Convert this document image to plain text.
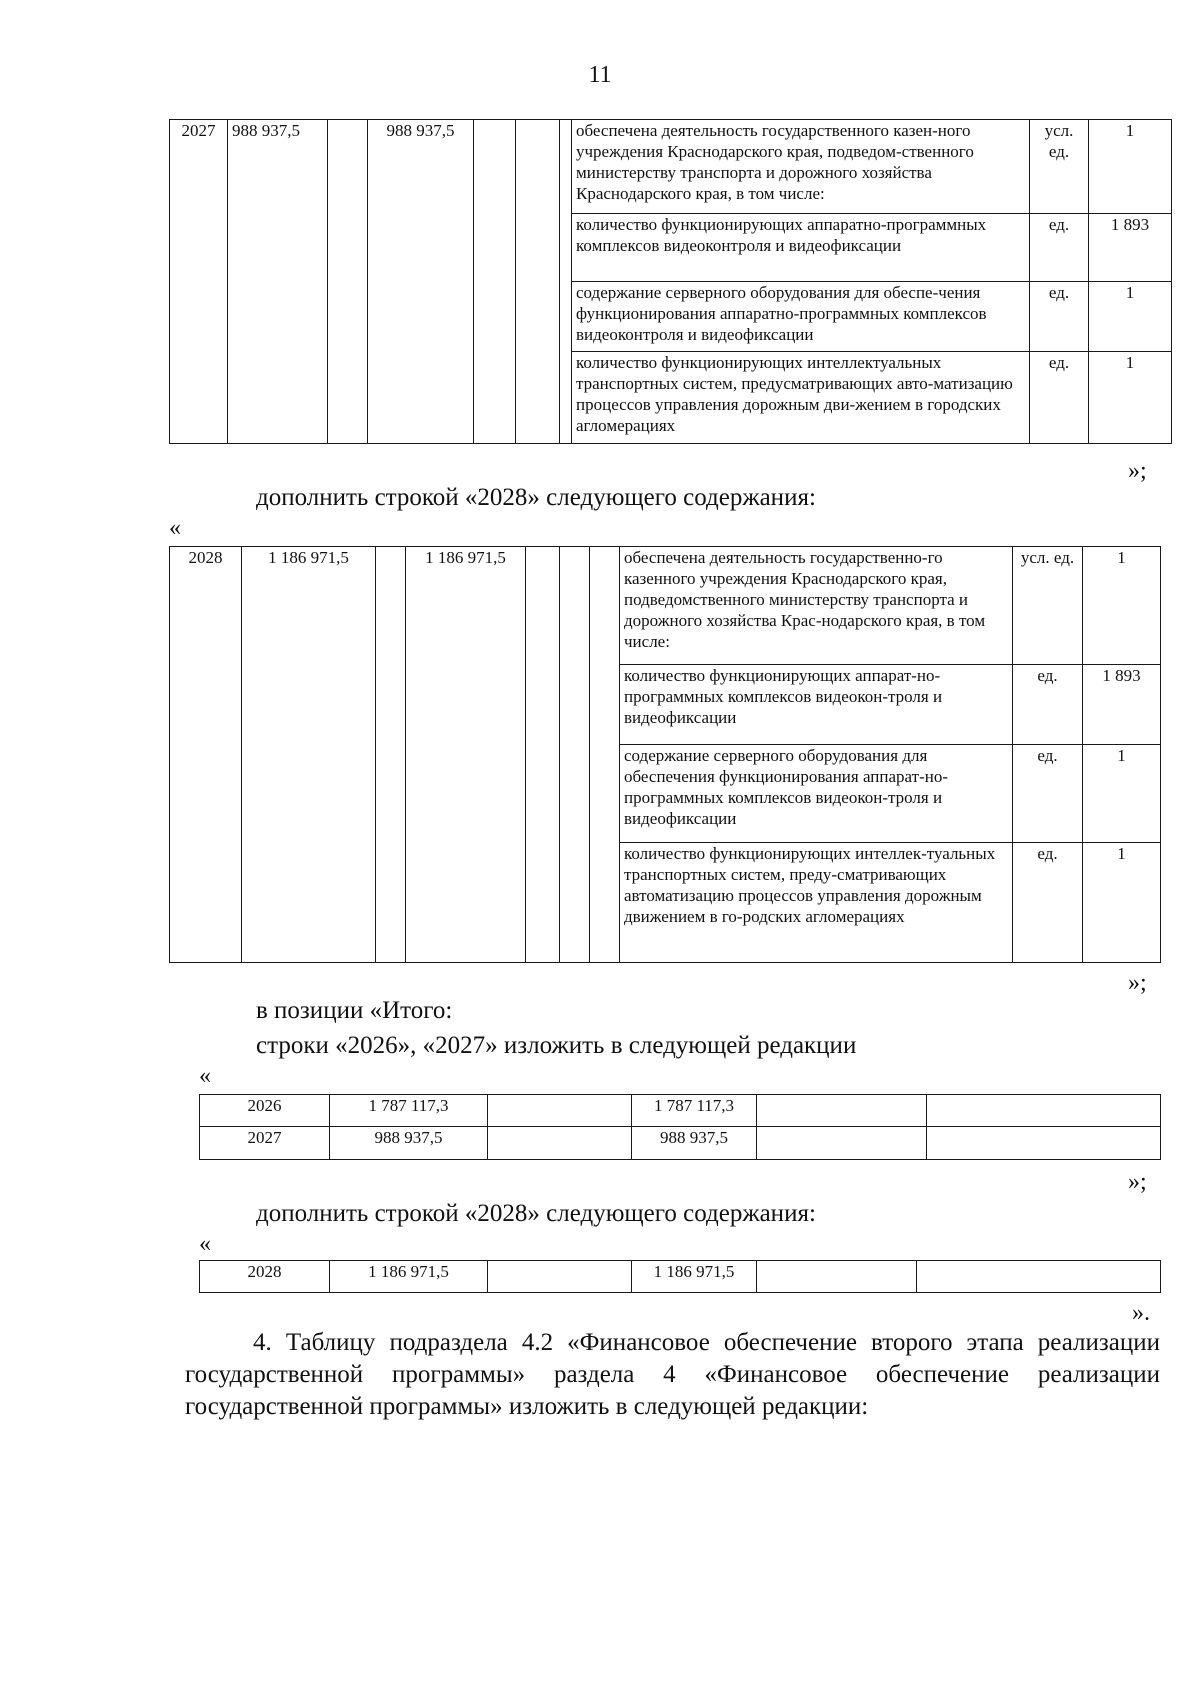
11
2027	988 937,5		988 937,5				обеспечена деятельность государственного казен-ного учреждения Краснодарского края, подведом-ственного министерству транспорта и дорожного хозяйства Краснодарского края, в том числе:	усл. ед.	1
							количество функционирующих аппаратно-программных комплексов видеоконтроля и видеофиксации	ед.	1 893
							содержание серверного оборудования для обеспе-чения функционирования аппаратно-программных комплексов видеоконтроля и видеофиксации	ед.	1
							количество функционирующих интеллектуальных транспортных систем, предусматривающих авто-матизацию процессов управления дорожным дви-жением в городских агломерациях	ед.	1
»;
дополнить строкой «2028» следующего содержания:
«
2028	1 186 971,5		1 186 971,5				обеспечена деятельность государственно-го казенного учреждения Краснодарского края, подведомственного министерству транспорта и дорожного хозяйства Крас-нодарского края, в том числе:	усл. ед.	1
							количество функционирующих аппарат-но-программных комплексов видеокон-троля и видеофиксации	ед.	1 893
							содержание серверного оборудования для обеспечения функционирования аппарат-но-программных комплексов видеокон-троля и видеофиксации	ед.	1
							количество функционирующих интеллек-туальных транспортных систем, преду-сматривающих автоматизацию процессов управления дорожным движением в го-родских агломерациях	ед.	1
»;
в позиции «Итого:
строки «2026», «2027» изложить в следующей редакции
«
2026	1 787 117,3		1 787 117,3		
2027	988 937,5		988 937,5		
»;
дополнить строкой «2028» следующего содержания:
«
2028	1 186 971,5		1 186 971,5		
».
4. Таблицу подраздела 4.2 «Финансовое обеспечение второго этапа реализации государственной программы» раздела 4 «Финансовое обеспечение реализации государственной программы» изложить в следующей редакции:
